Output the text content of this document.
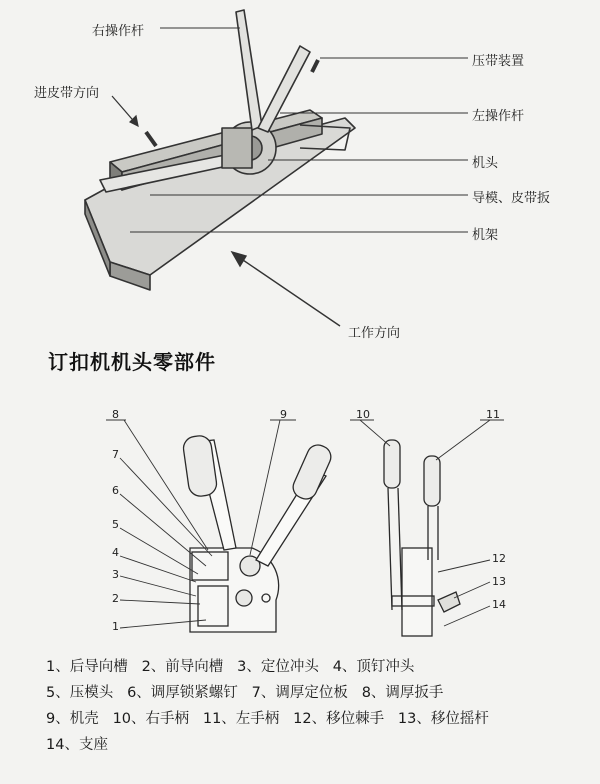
右操作杆
进皮带方向
压带装置
左操作杆
机头
导模、皮带扳
机架
工作方向
订扣机机头零部件
8
7
6
5
4
3
2
1
9	10	11
12
13
14
1、后导向槽 2、前导向槽 3、定位冲头 4、顶钉冲头
5、压模头 6、调厚锁紧螺钉 7、调厚定位板 8、调厚扳手
9、机壳 10、右手柄 11、左手柄 12、移位棘手 13、移位摇杆
14、支座
